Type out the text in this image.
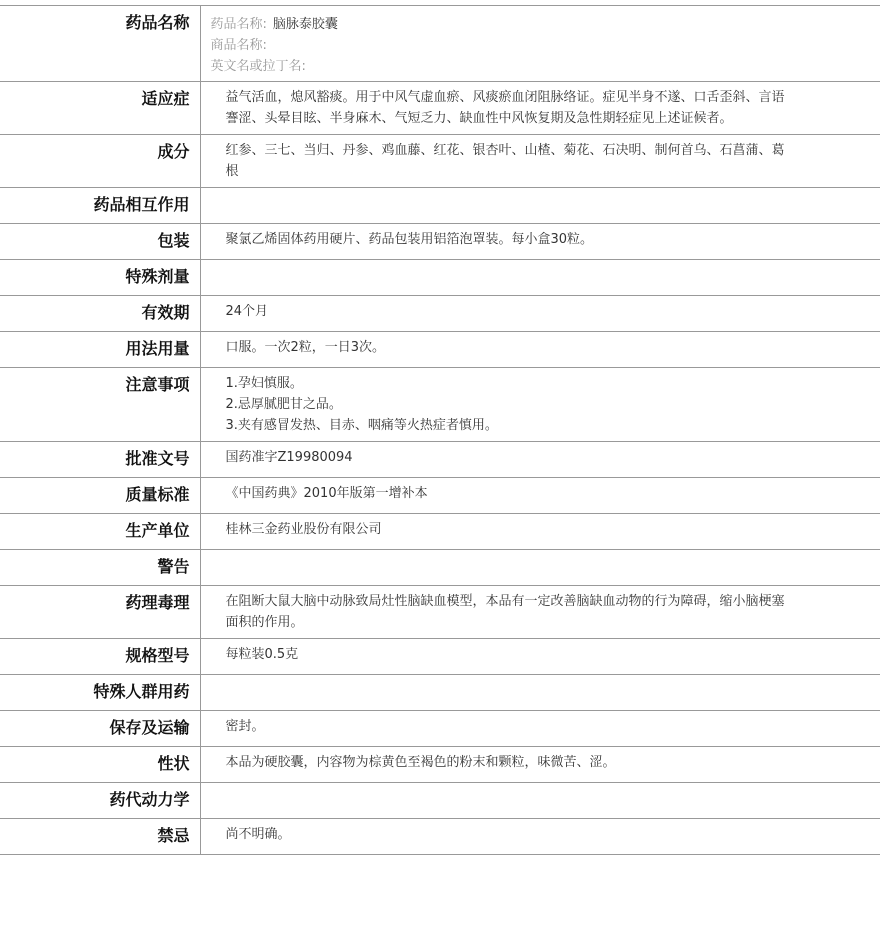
药品名称	药品名称: 脑脉泰胶囊
商品名称:
英文名或拉丁名:

适应症	益气活血，熄风豁痰。用于中风气虚血瘀、风痰瘀血闭阻脉络证。症见半身不遂、口舌歪斜、言语謇涩、头晕目眩、半身麻木、气短乏力、缺血性中风恢复期及急性期轻症见上述证候者。

成分	红参、三七、当归、丹参、鸡血藤、红花、银杏叶、山楂、菊花、石决明、制何首乌、石菖蒲、葛根

药品相互作用	

包装	聚氯乙烯固体药用硬片、药品包装用铝箔泡罩装。每小盒30粒。

特殊剂量	

有效期	24个月

用法用量	口服。一次2粒，一日3次。

注意事项	1.孕妇慎服。
2.忌厚腻肥甘之品。
3.夹有感冒发热、目赤、咽痛等火热症者慎用。

批准文号	国药准字Z19980094

质量标准	《中国药典》2010年版第一增补本

生产单位	桂林三金药业股份有限公司

警告	

药理毒理	在阻断大鼠大脑中动脉致局灶性脑缺血模型，本品有一定改善脑缺血动物的行为障碍，缩小脑梗塞面积的作用。

规格型号	每粒装0.5克

特殊人群用药	

保存及运输	密封。

性状	本品为硬胶囊，内容物为棕黄色至褐色的粉末和颗粒，味微苦、涩。

药代动力学	

禁忌	尚不明确。
